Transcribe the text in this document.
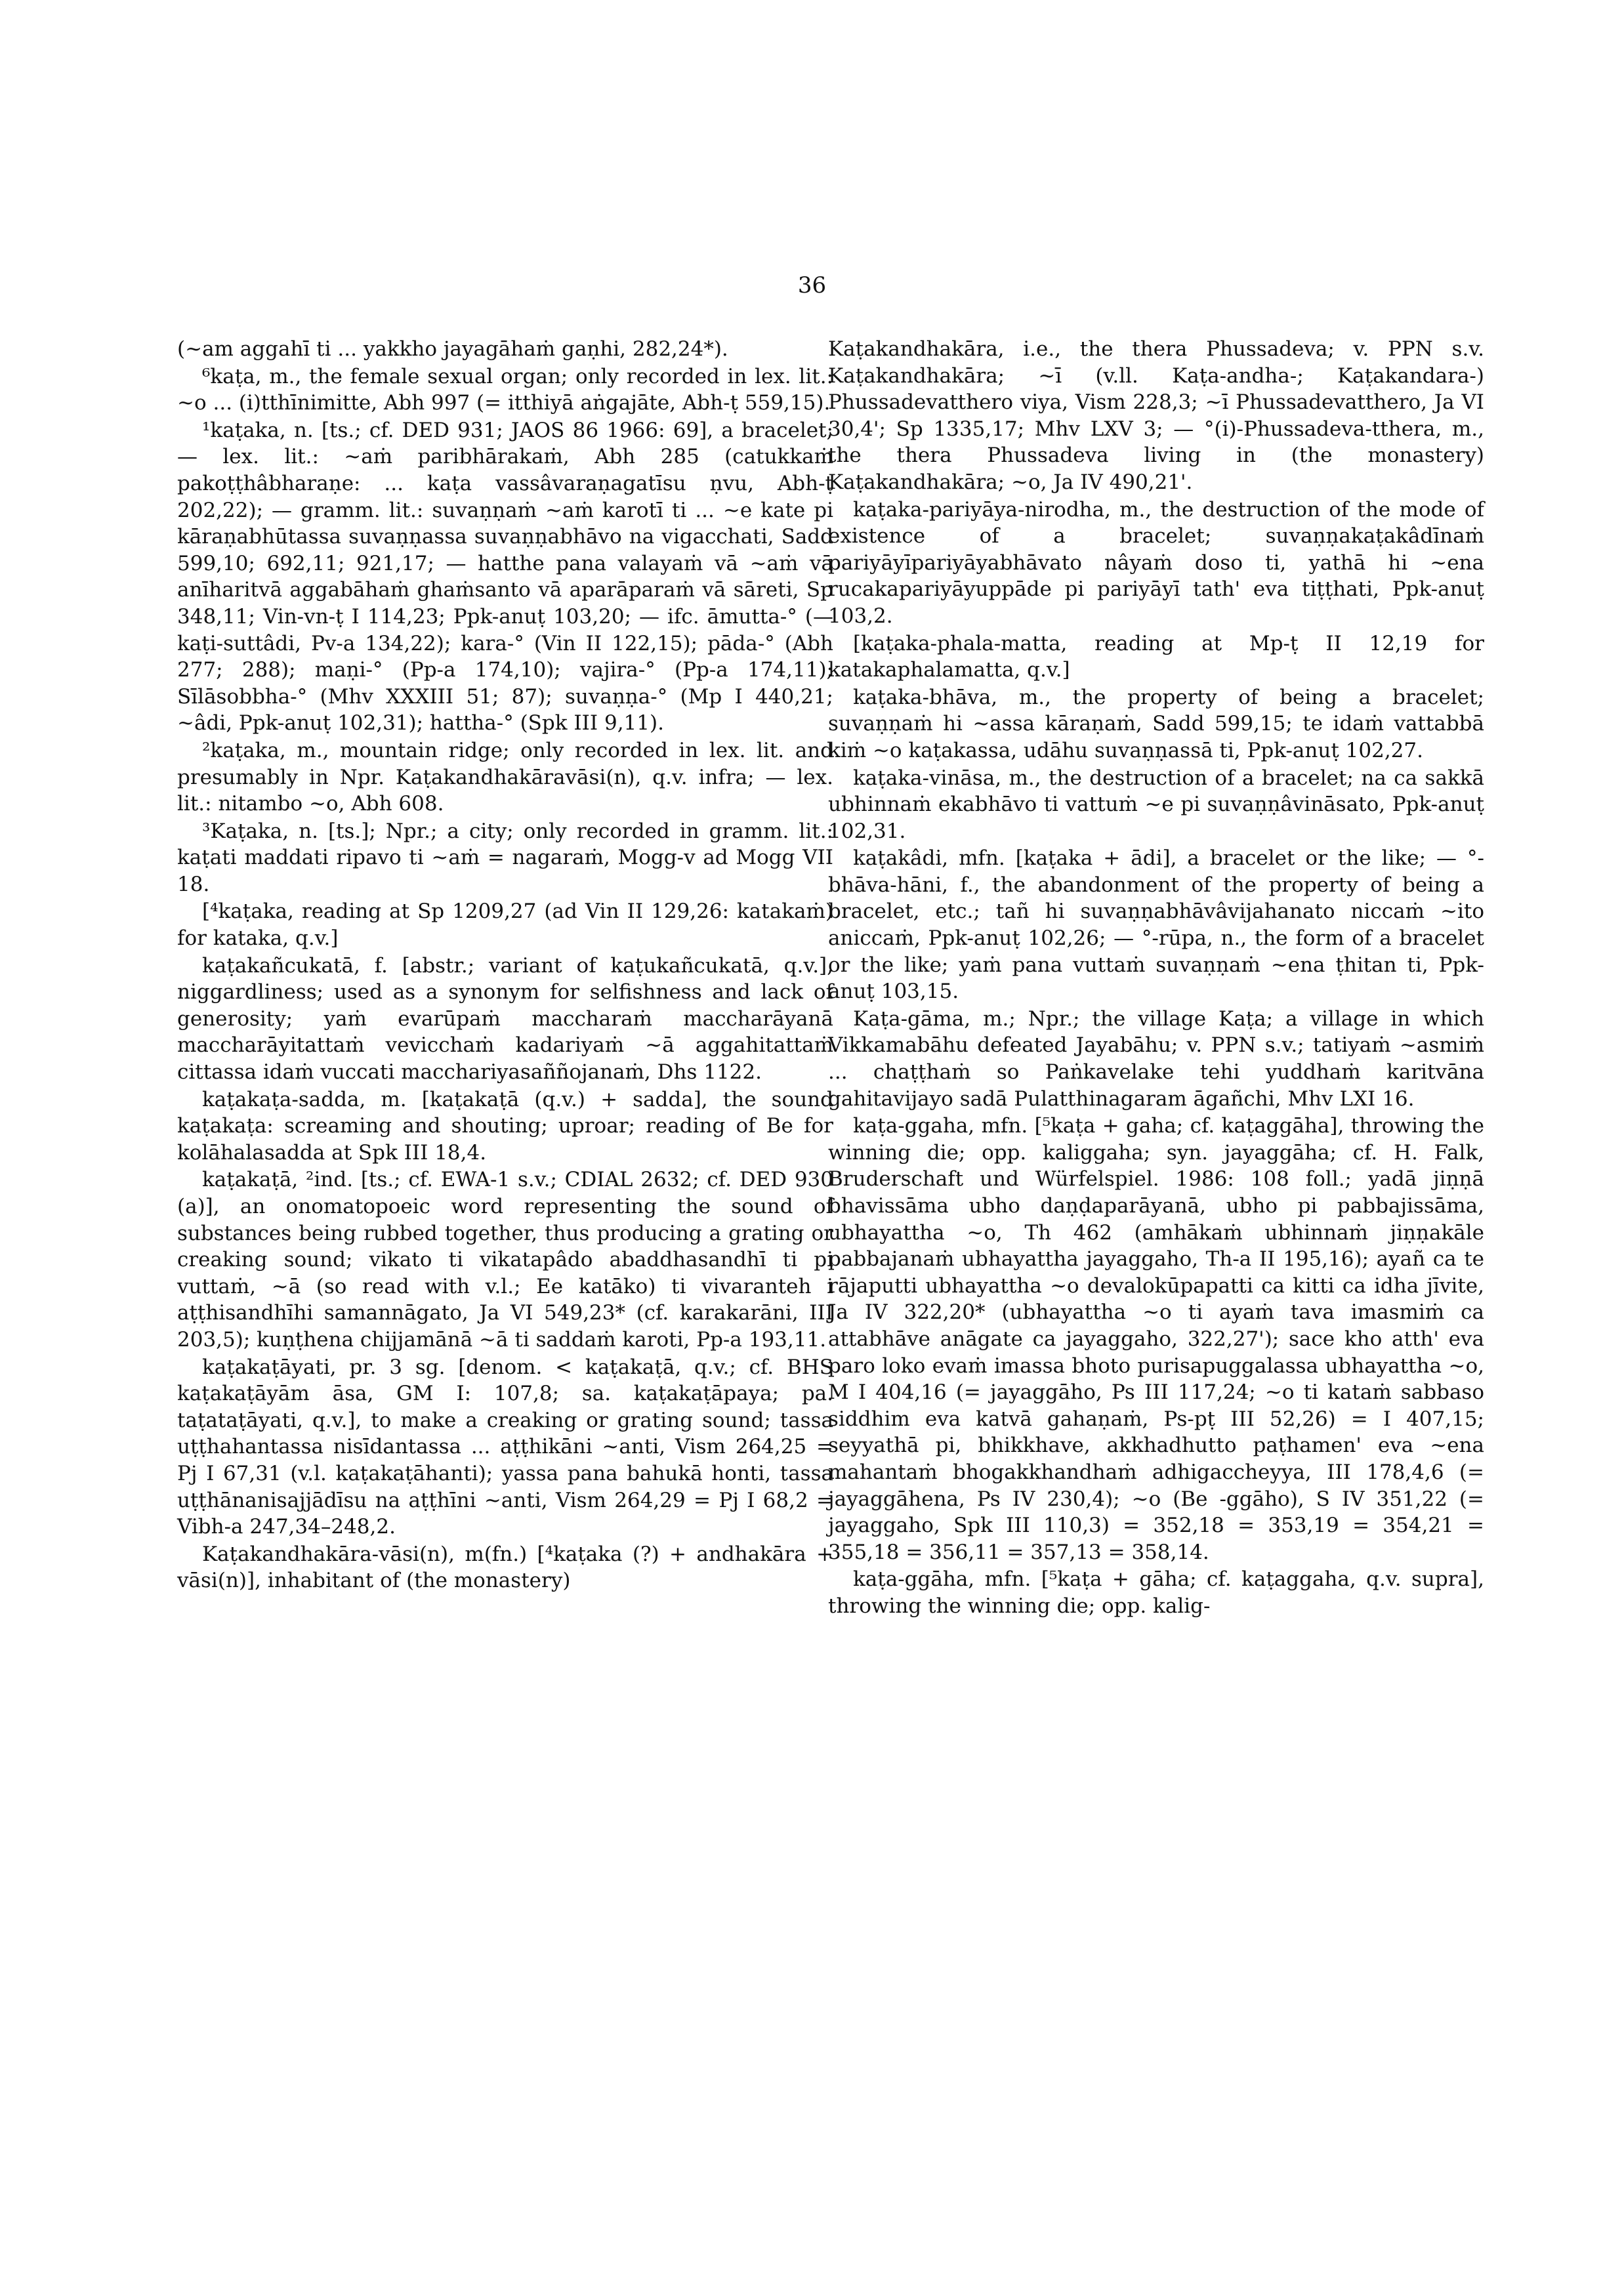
36

(~am aggahī ti ... yakkho jayagāhaṁ gaṇhi, 282,24*).

⁶kaṭa, m., the female sexual organ; only recorded in lex. lit.: ~o ... (i)tthīnimitte, Abh 997 (= itthiyā aṅgajāte, Abh-ṭ 559,15).

¹kaṭaka, n. [ts.; cf. DED 931; JAOS 86 1966: 69], a bracelet; — lex. lit.: ~aṁ paribhārakaṁ, Abh 285 (catukkaṁ pakoṭṭhâbharaṇe: ... kaṭa vassâvaraṇagatīsu ṇvu, Abh-ṭ 202,22); — gramm. lit.: suvaṇṇaṁ ~aṁ karotī ti ... ~e kate pi kāraṇabhūtassa suvaṇṇassa suvaṇṇabhāvo na vigacchati, Sadd 599,10; 692,11; 921,17; — hatthe pana valayaṁ vā ~aṁ vā anīharitvā aggabāhaṁ ghaṁsanto vā aparāparaṁ vā sāreti, Sp 348,11; Vin-vn-ṭ I 114,23; Ppk-anuṭ 103,20; — ifc. āmutta-° (—kaṭi-suttâdi, Pv-a 134,22); kara-° (Vin II 122,15); pāda-° (Abh 277; 288); maṇi-° (Pp-a 174,10); vajira-° (Pp-a 174,11); Sīlāsobbha-° (Mhv XXXIII 51; 87); suvaṇṇa-° (Mp I 440,21; ~âdi, Ppk-anuṭ 102,31); hattha-° (Spk III 9,11).

²kaṭaka, m., mountain ridge; only recorded in lex. lit. and presumably in Npr. Kaṭakandhakāravāsi(n), q.v. infra; — lex. lit.: nitambo ~o, Abh 608.

³Kaṭaka, n. [ts.]; Npr.; a city; only recorded in gramm. lit.: kaṭati maddati ripavo ti ~aṁ = nagaraṁ, Mogg-v ad Mogg VII 18.

[⁴kaṭaka, reading at Sp 1209,27 (ad Vin II 129,26: katakaṁ) for kataka, q.v.]

kaṭakañcukatā, f. [abstr.; variant of kaṭukañcukatā, q.v.], niggardliness; used as a synonym for selfishness and lack of generosity; yaṁ evarūpaṁ maccharaṁ maccharāyanā maccharāyitattaṁ vevicchaṁ kadariyaṁ ~ā aggahitattaṁ cittassa idaṁ vuccati macchariyasaññojanaṁ, Dhs 1122.

kaṭakaṭa-sadda, m. [kaṭakaṭā (q.v.) + sadda], the sound kaṭakaṭa: screaming and shouting; uproar; reading of Be for kolāhalasadda at Spk III 18,4.

kaṭakaṭā, ²ind. [ts.; cf. EWA-1 s.v.; CDIAL 2632; cf. DED 930 (a)], an onomatopoeic word representing the sound of substances being rubbed together, thus producing a grating or creaking sound; vikato ti vikatapâdo abaddhasandhī ti pi vuttaṁ, ~ā (so read with v.l.; Ee katāko) ti vivaranteh i aṭṭhisandhīhi samannāgato, Ja VI 549,23* (cf. karakarāni, III 203,5); kuṇṭhena chijjamānā ~ā ti saddaṁ karoti, Pp-a 193,11.

kaṭakaṭāyati, pr. 3 sg. [denom. < kaṭakaṭā, q.v.; cf. BHS kaṭakaṭāyām āsa, GM I: 107,8; sa. kaṭakaṭāpaya; pa. taṭataṭāyati, q.v.], to make a creaking or grating sound; tassa uṭṭhahantassa nisīdantassa ... aṭṭhikāni ~anti, Vism 264,25 = Pj I 67,31 (v.l. kaṭakaṭāhanti); yassa pana bahukā honti, tassa uṭṭhānanisajjādīsu na aṭṭhīni ~anti, Vism 264,29 = Pj I 68,2 = Vibh-a 247,34–248,2.

Kaṭakandhakāra-vāsi(n), m(fn.) [⁴kaṭaka (?) + andhakāra + vāsi(n)], inhabitant of (the monastery)

Kaṭakandhakāra, i.e., the thera Phussadeva; v. PPN s.v. Kaṭakandhakāra; ~ī (v.ll. Kaṭa-andha-; Kaṭakandara-) Phussadevatthero viya, Vism 228,3; ~ī Phussadevatthero, Ja VI 30,4'; Sp 1335,17; Mhv LXV 3; — °(i)-Phussadeva-tthera, m., the thera Phussadeva living in (the monastery) Kaṭakandhakāra; ~o, Ja IV 490,21'.

kaṭaka-pariyāya-nirodha, m., the destruction of the mode of existence of a bracelet; suvaṇṇakaṭakâdīnaṁ pariyāyīpariyāyabhāvato nâyaṁ doso ti, yathā hi ~ena rucakapariyāyuppāde pi pariyāyī tath' eva tiṭṭhati, Ppk-anuṭ 103,2.

[kaṭaka-phala-matta, reading at Mp-ṭ II 12,19 for katakaphalamatta, q.v.]

kaṭaka-bhāva, m., the property of being a bracelet; suvaṇṇaṁ hi ~assa kāraṇaṁ, Sadd 599,15; te idaṁ vattabbā kiṁ ~o kaṭakassa, udāhu suvaṇṇassā ti, Ppk-anuṭ 102,27.

kaṭaka-vināsa, m., the destruction of a bracelet; na ca sakkā ubhinnaṁ ekabhāvo ti vattuṁ ~e pi suvaṇṇâvināsato, Ppk-anuṭ 102,31.

kaṭakâdi, mfn. [kaṭaka + ādi], a bracelet or the like; — °-bhāva-hāni, f., the abandonment of the property of being a bracelet, etc.; tañ hi suvaṇṇabhāvâvijahanato niccaṁ ~ito aniccaṁ, Ppk-anuṭ 102,26; — °-rūpa, n., the form of a bracelet or the like; yaṁ pana vuttaṁ suvaṇṇaṁ ~ena ṭhitan ti, Ppk-anuṭ 103,15.

Kaṭa-gāma, m.; Npr.; the village Kaṭa; a village in which Vikkamabāhu defeated Jayabāhu; v. PPN s.v.; tatiyaṁ ~asmiṁ ... chaṭṭhaṁ so Paṅkavelake tehi yuddhaṁ karitvāna gahitavijayo sadā Pulatthinagaram āgañchi, Mhv LXI 16.

kaṭa-ggaha, mfn. [⁵kaṭa + gaha; cf. kaṭaggāha], throwing the winning die; opp. kaliggaha; syn. jayaggāha; cf. H. Falk, Bruderschaft und Würfelspiel. 1986: 108 foll.; yadā jiṇṇā bhavissāma ubho daṇḍaparāyanā, ubho pi pabbajissāma, ubhayattha ~o, Th 462 (amhākaṁ ubhinnaṁ jiṇṇakāle pabbajanaṁ ubhayattha jayaggaho, Th-a II 195,16); ayañ ca te rājaputti ubhayattha ~o devalokūpapatti ca kitti ca idha jīvite, Ja IV 322,20* (ubhayattha ~o ti ayaṁ tava imasmiṁ ca attabhāve anāgate ca jayaggaho, 322,27'); sace kho atth' eva paro loko evaṁ imassa bhoto purisapuggalassa ubhayattha ~o, M I 404,16 (= jayaggāho, Ps III 117,24; ~o ti kataṁ sabbaso siddhim eva katvā gahaṇaṁ, Ps-pṭ III 52,26) = I 407,15; seyyathā pi, bhikkhave, akkhadhutto paṭhamen' eva ~ena mahantaṁ bhogakkhandhaṁ adhigaccheyya, III 178,4,6 (= jayaggāhena, Ps IV 230,4); ~o (Be -ggāho), S IV 351,22 (= jayaggaho, Spk III 110,3) = 352,18 = 353,19 = 354,21 = 355,18 = 356,11 = 357,13 = 358,14.

kaṭa-ggāha, mfn. [⁵kaṭa + gāha; cf. kaṭaggaha, q.v. supra], throwing the winning die; opp. kalig-
